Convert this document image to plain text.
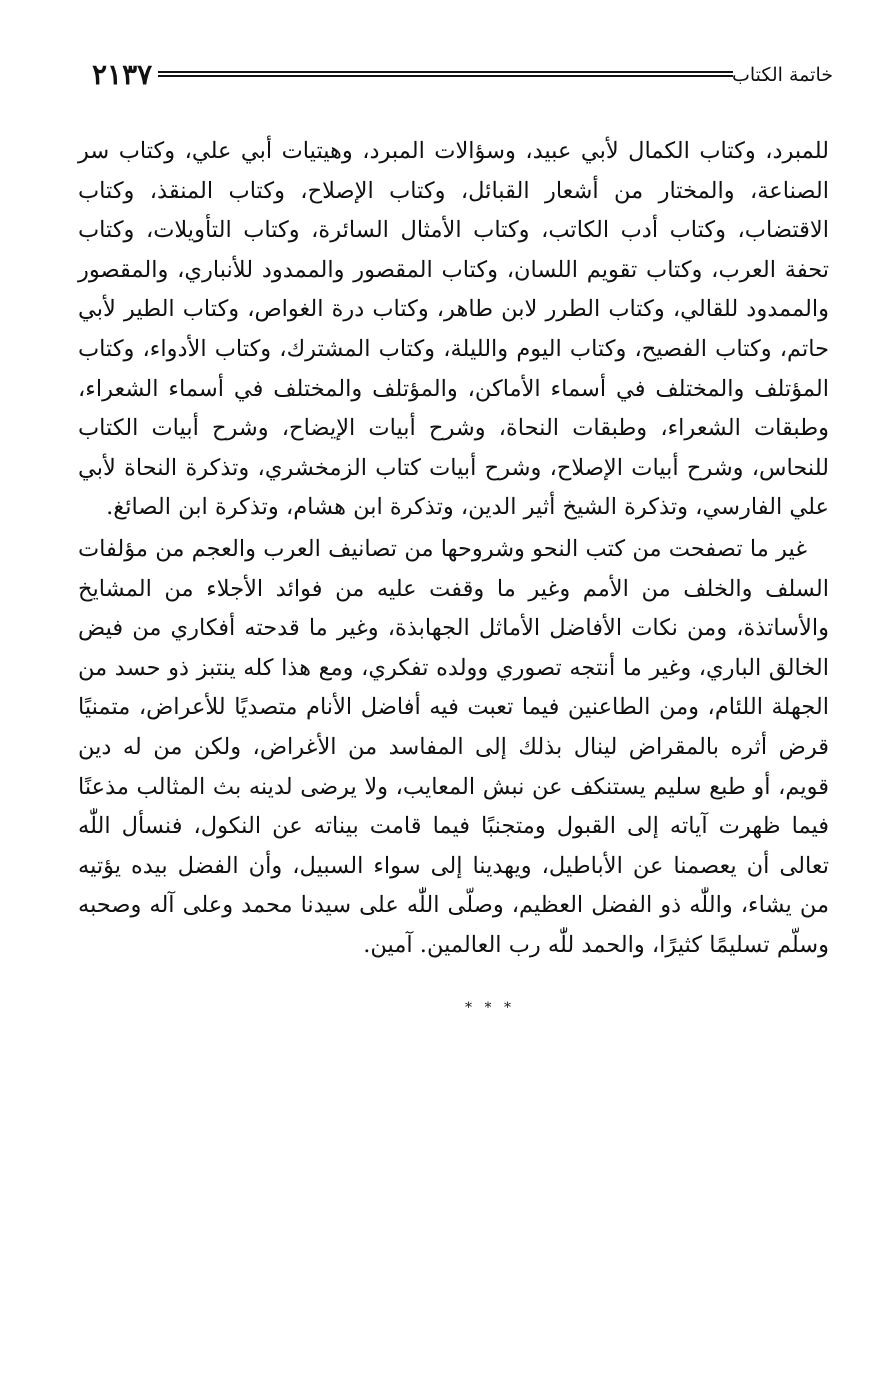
خاتمة الكتاب
٢١٣٧

للمبرد، وكتاب الكمال لأبي عبيد، وسؤالات المبرد، وهيتيات أبي علي، وكتاب سر الصناعة، والمختار من أشعار القبائل، وكتاب الإصلاح، وكتاب المنقذ، وكتاب الاقتضاب، وكتاب أدب الكاتب، وكتاب الأمثال السائرة، وكتاب التأويلات، وكتاب تحفة العرب، وكتاب تقويم اللسان، وكتاب المقصور والممدود للأنباري، والمقصور والممدود للقالي، وكتاب الطرر لابن طاهر، وكتاب درة الغواص، وكتاب الطير لأبي حاتم، وكتاب الفصيح، وكتاب اليوم والليلة، وكتاب المشترك، وكتاب الأدواء، وكتاب المؤتلف والمختلف في أسماء الأماكن، والمؤتلف والمختلف في أسماء الشعراء، وطبقات الشعراء، وطبقات النحاة، وشرح أبيات الإيضاح، وشرح أبيات الكتاب للنحاس، وشرح أبيات الإصلاح، وشرح أبيات كتاب الزمخشري، وتذكرة النحاة لأبي علي الفارسي، وتذكرة الشيخ أثير الدين، وتذكرة ابن هشام، وتذكرة ابن الصائغ.

غير ما تصفحت من كتب النحو وشروحها من تصانيف العرب والعجم من مؤلفات السلف والخلف من الأمم وغير ما وقفت عليه من فوائد الأجلاء من المشايخ والأساتذة، ومن نكات الأفاضل الأماثل الجهابذة، وغير ما قدحته أفكاري من فيض الخالق الباري، وغير ما أنتجه تصوري وولده تفكري، ومع هذا كله ينتبز ذو حسد من الجهلة اللئام، ومن الطاعنين فيما تعبت فيه أفاضل الأنام متصديًا للأعراض، متمنيًا قرض أثره بالمقراض لينال بذلك إلى المفاسد من الأغراض، ولكن من له دين قويم، أو طبع سليم يستنكف عن نبش المعايب، ولا يرضى لدينه بث المثالب مذعنًا فيما ظهرت آياته إلى القبول ومتجنبًا فيما قامت بيناته عن النكول، فنسأل اللّٰه تعالى أن يعصمنا عن الأباطيل، ويهدينا إلى سواء السبيل، وأن الفضل بيده يؤتيه من يشاء، واللّٰه ذو الفضل العظيم، وصلّى اللّٰه على سيدنا محمد وعلى آله وصحبه وسلّم تسليمًا كثيرًا، والحمد للّٰه رب العالمين. آمين.

* * *
